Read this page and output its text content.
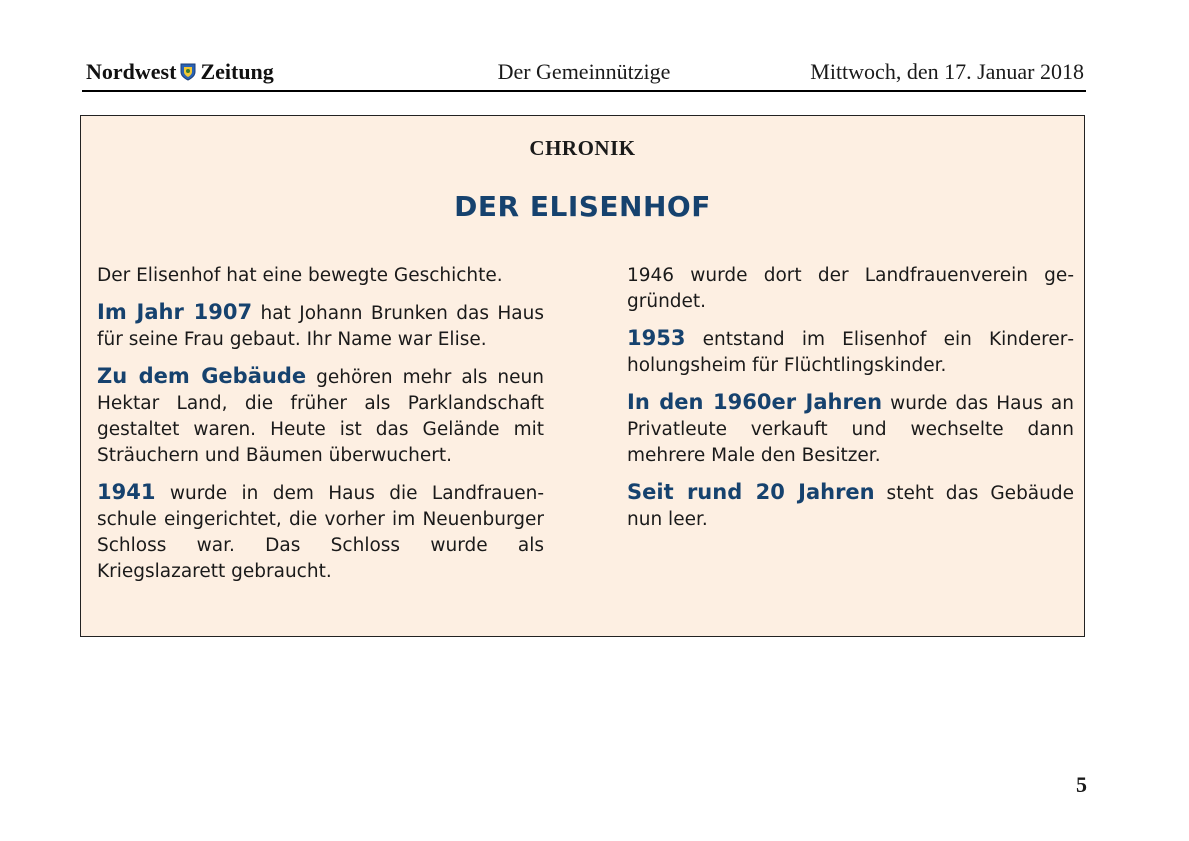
Nordwest Zeitung	Der Gemeinnützige	Mittwoch, den 17. Januar 2018
CHRONIK
DER ELISENHOF

Der Elisenhof hat eine bewegte Geschichte.

Im Jahr 1907 hat Johann Brunken das Haus für seine Frau gebaut. Ihr Name war Elise.

Zu dem Gebäude gehören mehr als neun Hektar Land, die früher als Parklandschaft gestaltet waren. Heute ist das Gelände mit Sträuchern und Bäumen überwuchert.

1941 wurde in dem Haus die Landfrauenschule eingerichtet, die vorher im Neuenburger Schloss war. Das Schloss wurde als Kriegslazarett gebraucht.

1946 wurde dort der Landfrauenverein gegründet.

1953 entstand im Elisenhof ein Kindererholungsheim für Flüchtlingskinder.

In den 1960er Jahren wurde das Haus an Privatleute verkauft und wechselte dann mehrere Male den Besitzer.

Seit rund 20 Jahren steht das Gebäude nun leer.

5
